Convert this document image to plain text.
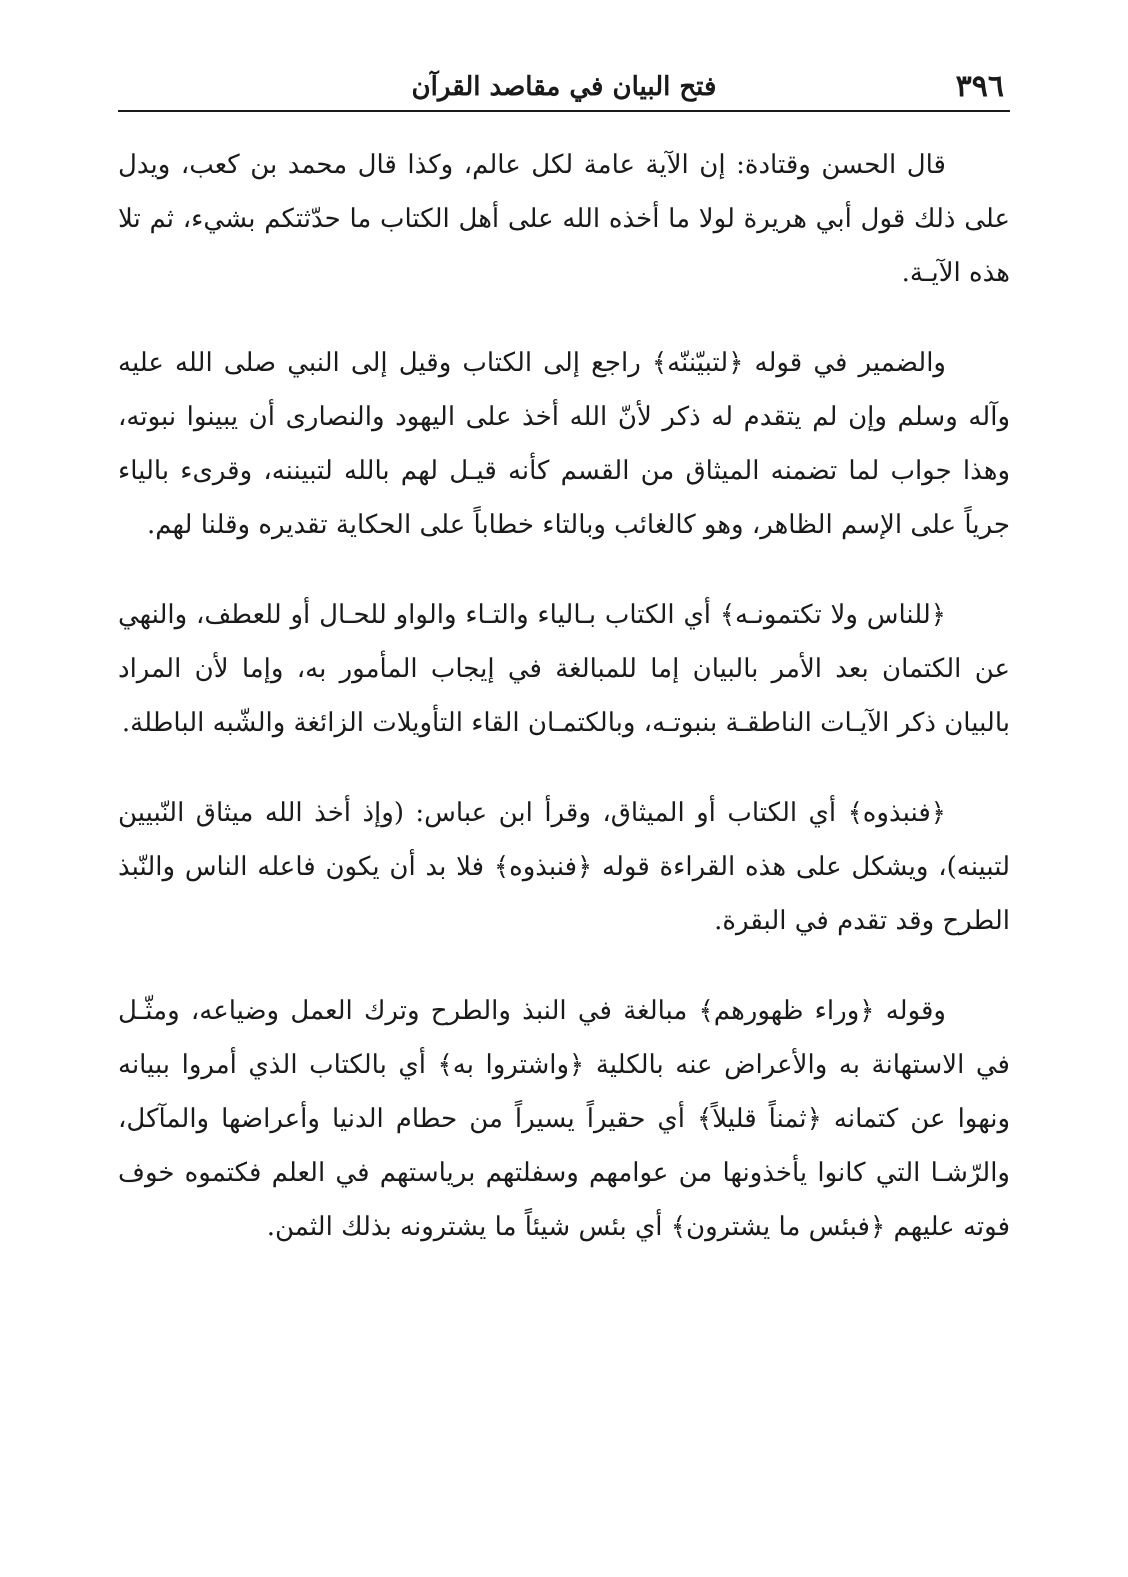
٣٩٦
فتح البيان في مقاصد القرآن

قال الحسن وقتادة: إن الآية عامة لكل عالم، وكذا قال محمد بن كعب، ويدل على ذلك قول أبي هريرة لولا ما أخذه الله على أهل الكتاب ما حدّثتكم بشيء، ثم تلا هذه الآيـة.

والضمير في قوله ﴿لتبيّننّه﴾ راجع إلى الكتاب وقيل إلى النبي صلى الله عليه وآله وسلم وإن لم يتقدم له ذكر لأنّ الله أخذ على اليهود والنصارى أن يبينوا نبوته، وهذا جواب لما تضمنه الميثاق من القسم كأنه قيـل لهم بالله لتبيننه، وقرىء بالياء جرياً على الإسم الظاهر، وهو كالغائب وبالتاء خطاباً على الحكاية تقديره وقلنا لهم.

﴿للناس ولا تكتمونـه﴾ أي الكتاب بـالياء والتـاء والواو للحـال أو للعطف، والنهي عن الكتمان بعد الأمر بالبيان إما للمبالغة في إيجاب المأمور به، وإما لأن المراد بالبيان ذكر الآيـات الناطقـة بنبوتـه، وبالكتمـان القاء التأويلات الزائغة والشّبه الباطلة.

﴿فنبذوه﴾ أي الكتاب أو الميثاق، وقرأ ابن عباس: (وإذ أخذ الله ميثاق النّبيين لتبينه)، ويشكل على هذه القراءة قوله ﴿فنبذوه﴾ فلا بد أن يكون فاعله الناس والنّبذ الطرح وقد تقدم في البقرة.

وقوله ﴿وراء ظهورهم﴾ مبالغة في النبذ والطرح وترك العمل وضياعه، ومثّـل في الاستهانة به والأعراض عنه بالكلية ﴿واشتروا به﴾ أي بالكتاب الذي أمروا ببيانه ونهوا عن كتمانه ﴿ثمناً قليلاً﴾ أي حقيراً يسيراً من حطام الدنيا وأعراضها والمآكل، والرّشـا التي كانوا يأخذونها من عوامهم وسفلتهم برياستهم في العلم فكتموه خوف فوته عليهم ﴿فبئس ما يشترون﴾ أي بئس شيئاً ما يشترونه بذلك الثمن.
